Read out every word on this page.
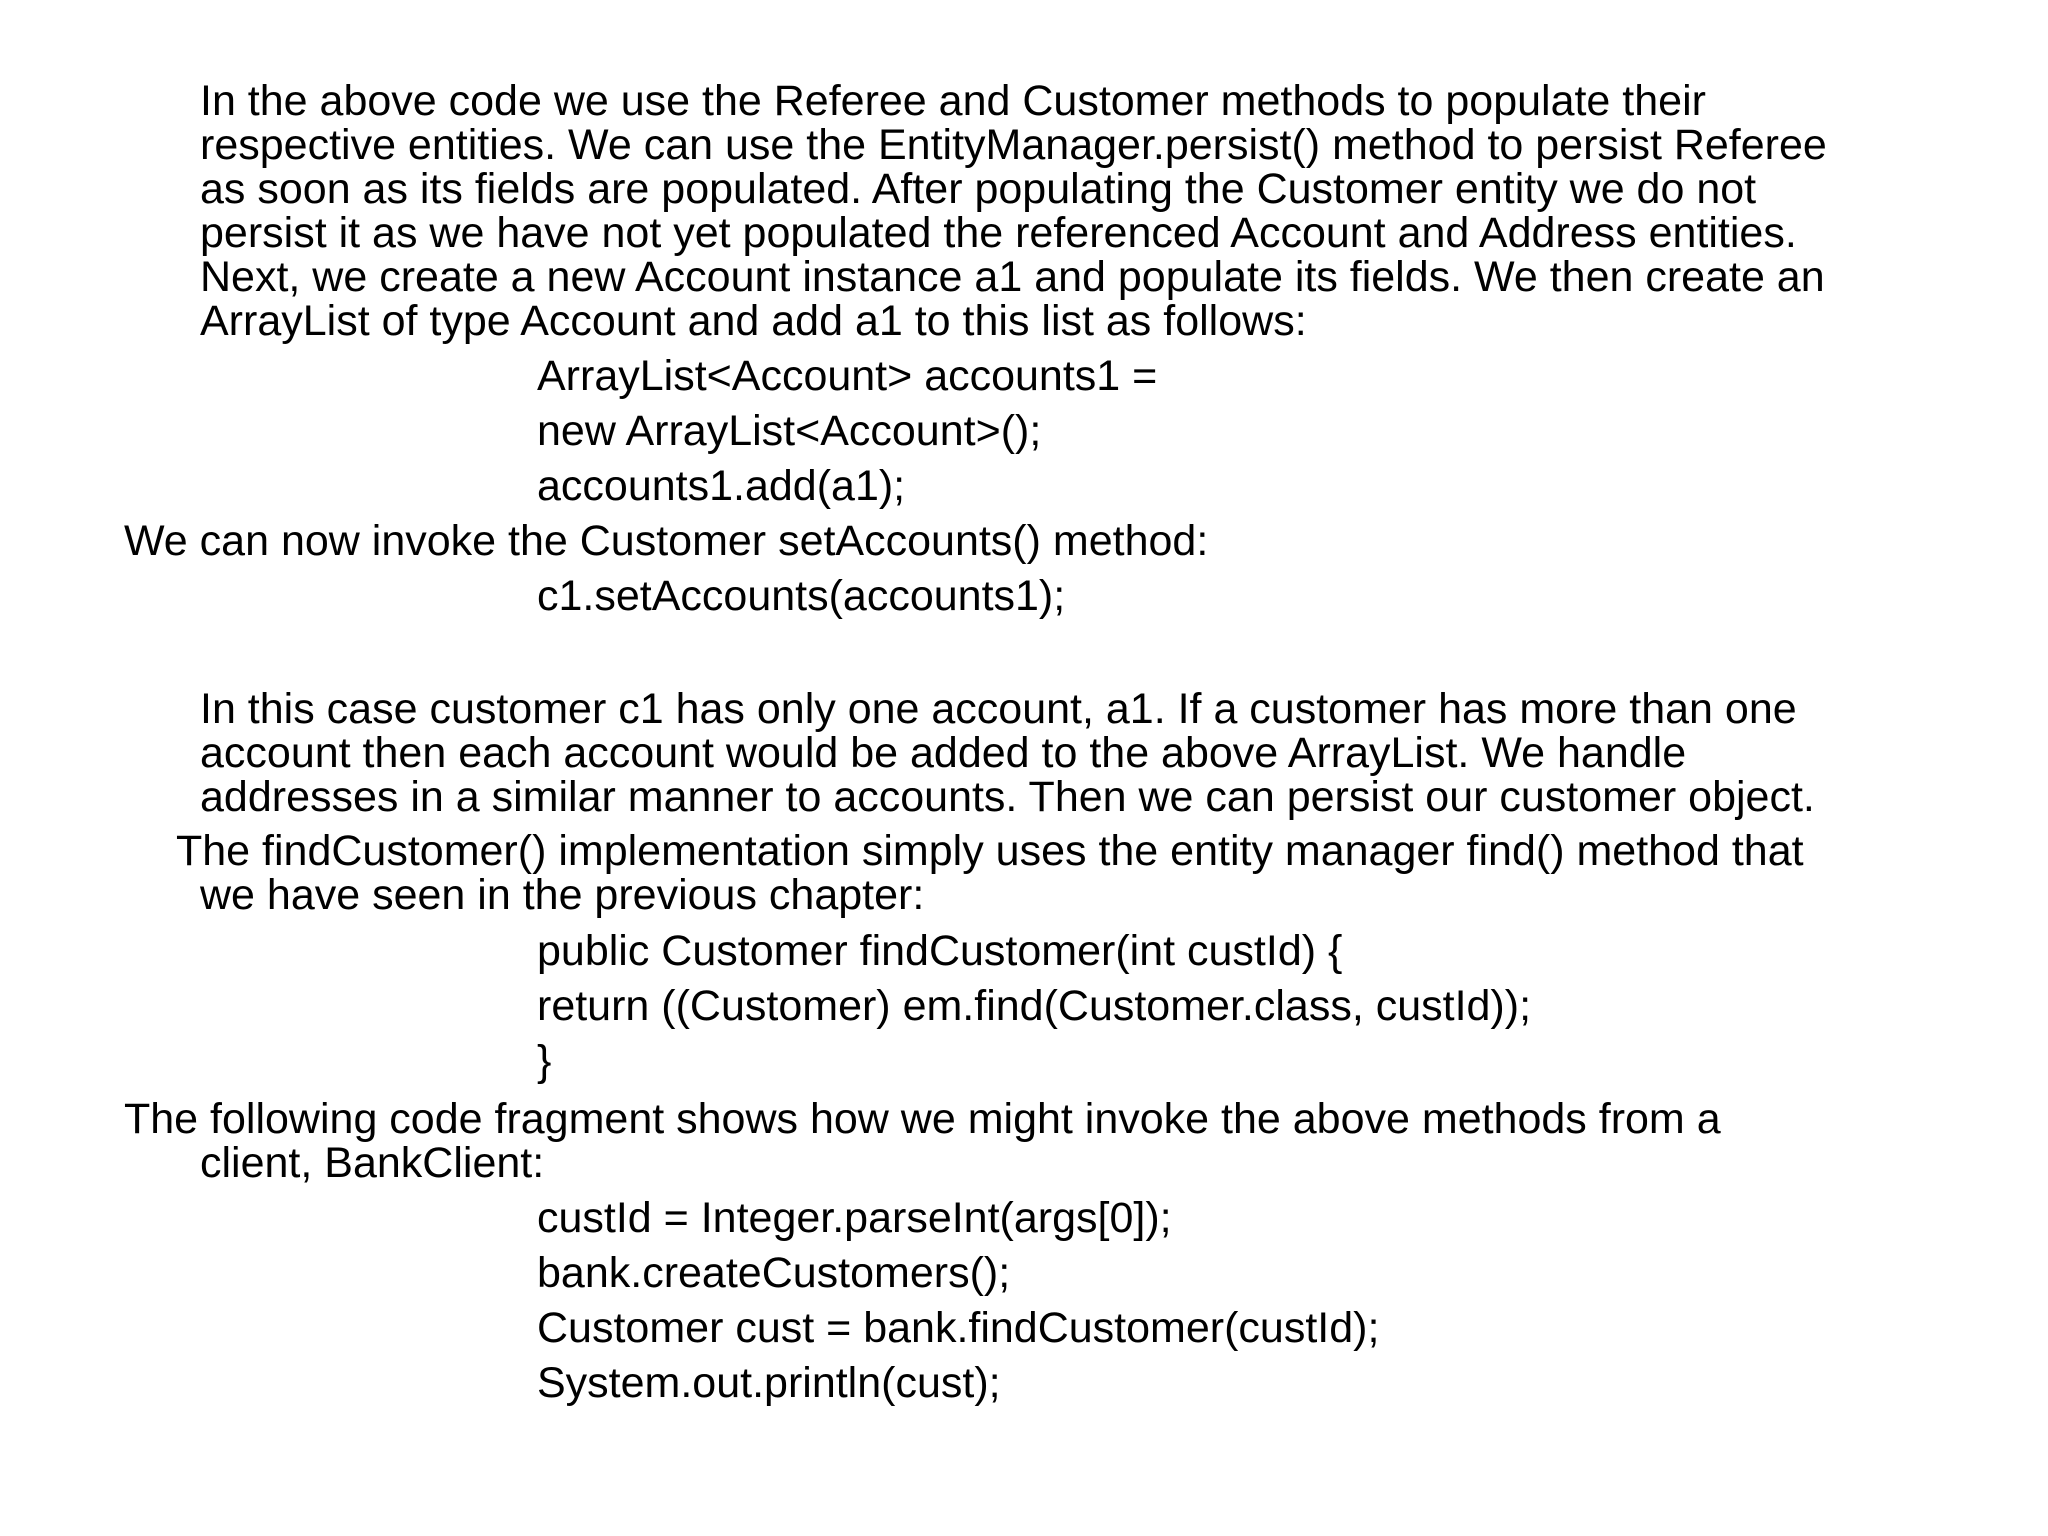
In the above code we use the Referee and Customer methods to populate their
respective entities. We can use the EntityManager.persist() method to persist Referee
as soon as its fields are populated. After populating the Customer entity we do not
persist it as we have not yet populated the referenced Account and Address entities.
Next, we create a new Account instance a1 and populate its fields. We then create an
ArrayList of type Account and add a1 to this list as follows:
ArrayList<Account> accounts1 =
new ArrayList<Account>();
accounts1.add(a1);
We can now invoke the Customer setAccounts() method:
c1.setAccounts(accounts1);
In this case customer c1 has only one account, a1. If a customer has more than one
account then each account would be added to the above ArrayList. We handle
addresses in a similar manner to accounts. Then we can persist our customer object.
The findCustomer() implementation simply uses the entity manager find() method that
we have seen in the previous chapter:
public Customer findCustomer(int custId) {
return ((Customer) em.find(Customer.class, custId));
}
The following code fragment shows how we might invoke the above methods from a
client, BankClient:
custId = Integer.parseInt(args[0]);
bank.createCustomers();
Customer cust = bank.findCustomer(custId);
System.out.println(cust);
